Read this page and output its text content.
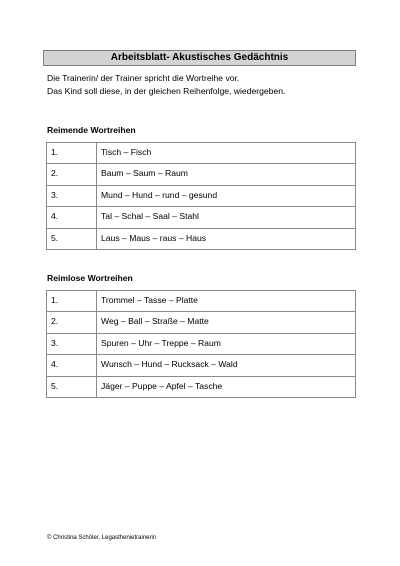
Arbeitsblatt- Akustisches Gedächtnis
Die Trainerin/ der Trainer spricht die Wortreihe vor.
Das Kind soll diese, in der gleichen Reihenfolge, wiedergeben.
Reimende Wortreihen
1.	Tisch – Fisch
2.	Baum – Saum – Raum
3.	Mund – Hund – rund – gesund
4.	Tal – Schal – Saal – Stahl
5.	Laus – Maus – raus – Haus
Reimlose Wortreihen
1.	Trommel – Tasse – Platte
2.	Weg – Ball – Straße – Matte
3.	Spuren – Uhr – Treppe – Raum
4.	Wunsch – Hund – Rucksack – Wald
5.	Jäger – Puppe – Apfel – Tasche
© Christina Schöler, Legasthenietrainerin
